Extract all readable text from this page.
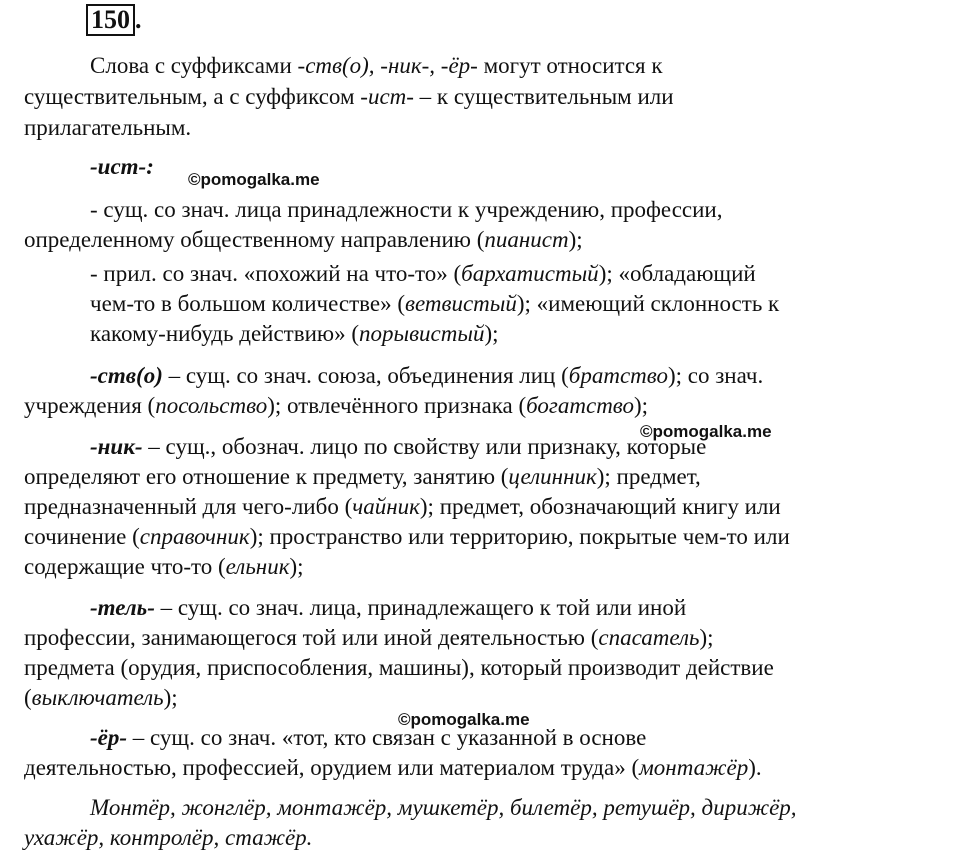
150 .
Слова с суффиксами -ств(о), -ник-, -ёр- могут относится к
существительным, а с суффиксом -ист- – к существительным или
прилагательным.
-ист-:
©pomogalka.me
- сущ. со знач. лица принадлежности к учреждению, профессии,
определенному общественному направлению (пианист);
- прил. со знач. «похожий на что-то» (бархатистый); «обладающий
чем-то в большом количестве» (ветвистый); «имеющий склонность к
какому-нибудь действию» (порывистый);
-ств(о) – сущ. со знач. союза, объединения лиц (братство); со знач.
учреждения (посольство); отвлечённого признака (богатство);
©pomogalka.me
-ник- – сущ., обознач. лицо по свойству или признаку, которые
определяют его отношение к предмету, занятию (целинник); предмет,
предназначенный для чего-либо (чайник); предмет, обозначающий книгу или
сочинение (справочник); пространство или территорию, покрытые чем-то или
содержащие что-то (ельник);
-тель- – сущ. со знач. лица, принадлежащего к той или иной
профессии, занимающегося той или иной деятельностью (спасатель);
предмета (орудия, приспособления, машины), который производит действие
(выключатель);
©pomogalka.me
-ёр- – сущ. со знач. «тот, кто связан с указанной в основе
деятельностью, профессией, орудием или материалом труда» (монтажёр).
Монтёр, жонглёр, монтажёр, мушкетёр, билетёр, ретушёр, дирижёр,
ухажёр, контролёр, стажёр.
